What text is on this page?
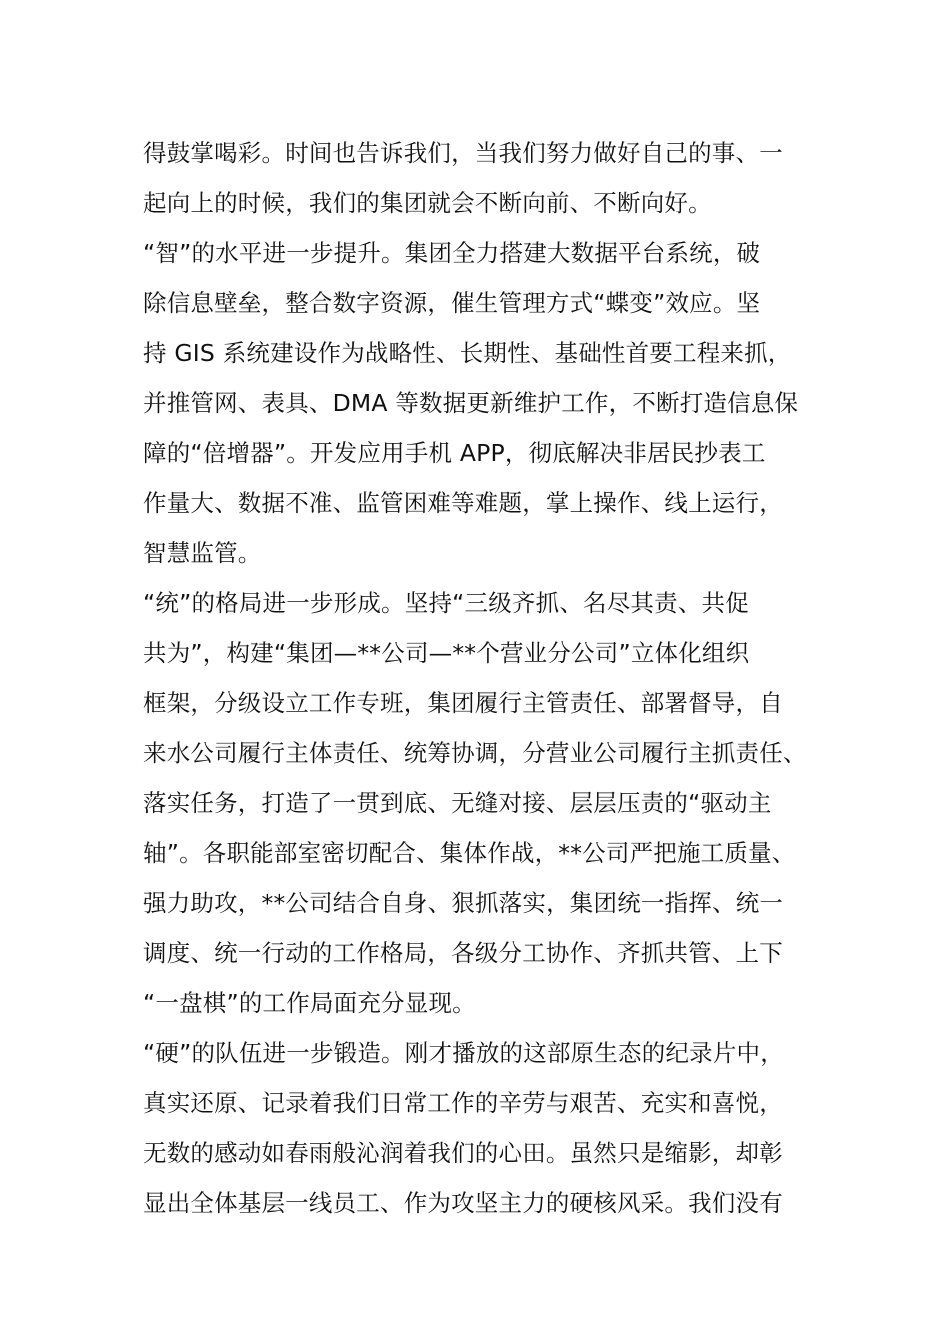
得鼓掌喝彩。时间也告诉我们，当我们努力做好自己的事、一
起向上的时候，我们的集团就会不断向前、不断向好。
“智”的水平进一步提升。集团全力搭建大数据平台系统，破
除信息壁垒，整合数字资源，催生管理方式“蝶变”效应。坚
持 GIS 系统建设作为战略性、长期性、基础性首要工程来抓，
并推管网、表具、DMA 等数据更新维护工作，不断打造信息保
障的“倍增器”。开发应用手机 APP，彻底解决非居民抄表工
作量大、数据不准、监管困难等难题，掌上操作、线上运行，
智慧监管。
“统”的格局进一步形成。坚持“三级齐抓、名尽其责、共促
共为”，构建“集团—**公司—**个营业分公司”立体化组织
框架，分级设立工作专班，集团履行主管责任、部署督导，自
来水公司履行主体责任、统筹协调，分营业公司履行主抓责任、
落实任务，打造了一贯到底、无缝对接、层层压责的“驱动主
轴”。各职能部室密切配合、集体作战，**公司严把施工质量、
强力助攻，**公司结合自身、狠抓落实，集团统一指挥、统一
调度、统一行动的工作格局，各级分工协作、齐抓共管、上下
“一盘棋”的工作局面充分显现。
“硬”的队伍进一步锻造。刚才播放的这部原生态的纪录片中，
真实还原、记录着我们日常工作的辛劳与艰苦、充实和喜悦，
无数的感动如春雨般沁润着我们的心田。虽然只是缩影，却彰
显出全体基层一线员工、作为攻坚主力的硬核风采。我们没有
